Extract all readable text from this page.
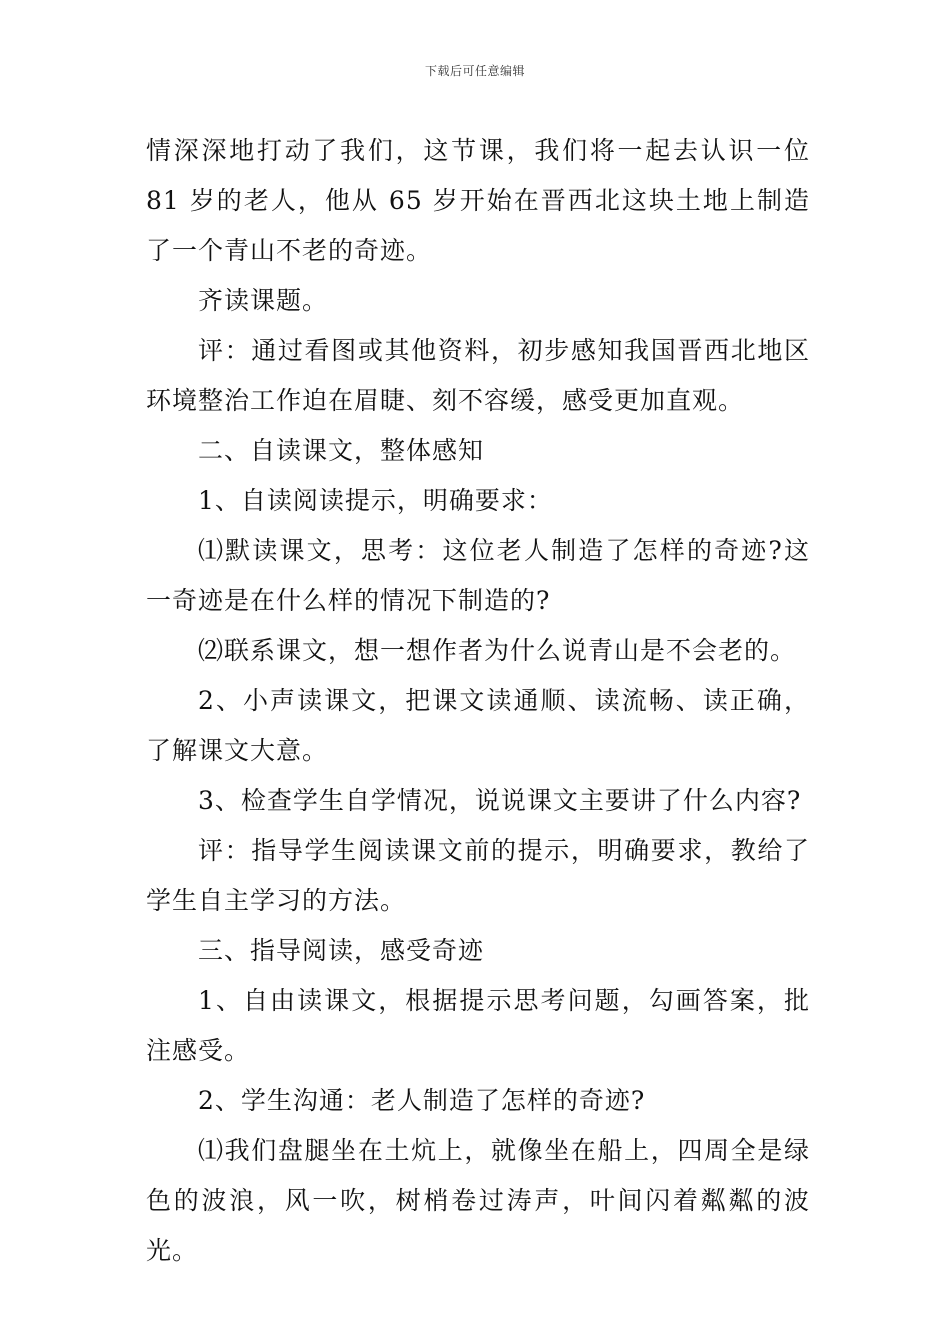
下载后可任意编辑

情深深地打动了我们，这节课，我们将一起去认识一位 81 岁的老人，他从 65 岁开始在晋西北这块土地上制造了一个青山不老的奇迹。

齐读课题。

评：通过看图或其他资料，初步感知我国晋西北地区环境整治工作迫在眉睫、刻不容缓，感受更加直观。

二、自读课文，整体感知

1、自读阅读提示，明确要求：

⑴默读课文，思考：这位老人制造了怎样的奇迹?这一奇迹是在什么样的情况下制造的?

⑵联系课文，想一想作者为什么说青山是不会老的。

2、小声读课文，把课文读通顺、读流畅、读正确，了解课文大意。

3、检查学生自学情况，说说课文主要讲了什么内容?

评：指导学生阅读课文前的提示，明确要求，教给了学生自主学习的方法。

三、指导阅读，感受奇迹

1、自由读课文，根据提示思考问题，勾画答案，批注感受。

2、学生沟通：老人制造了怎样的奇迹?

⑴我们盘腿坐在土炕上，就像坐在船上，四周全是绿色的波浪，风一吹，树梢卷过涛声，叶间闪着粼粼的波光。
